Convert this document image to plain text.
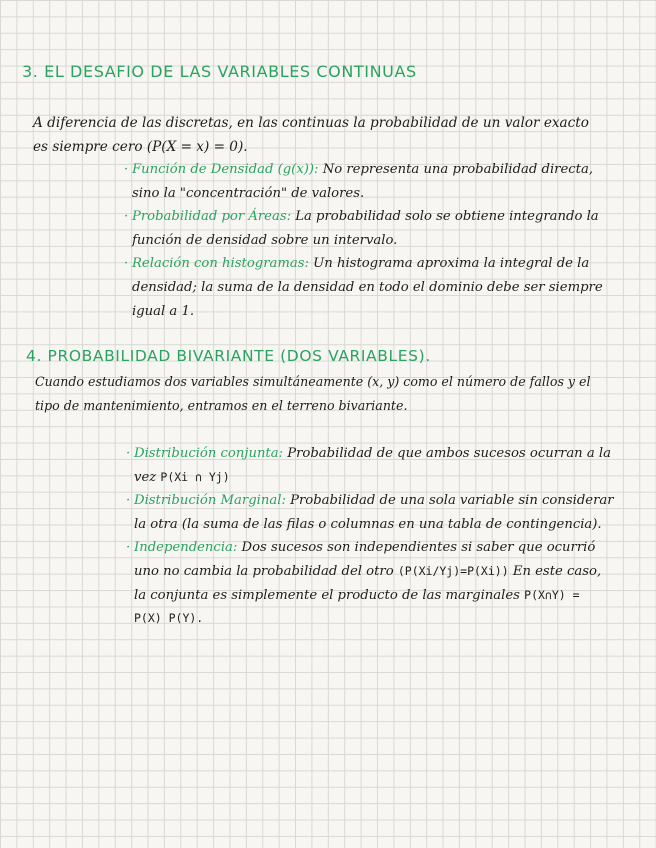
3. EL DESAFIO DE LAS VARIABLES CONTINUAS

A diferencia de las discretas, en las continuas la probabilidad de un valor exacto es siempre cero (P(X = x) = 0).

· Función de Densidad (g(x)): No representa una probabilidad directa, sino la "concentración" de valores.
· Probabilidad por Áreas: La probabilidad solo se obtiene integrando la función de densidad sobre un intervalo.
· Relación con histogramas: Un histograma aproxima la integral de la densidad; la suma de la densidad en todo el dominio debe ser siempre igual a 1.
4. PROBABILIDAD BIVARIANTE (DOS VARIABLES).

Cuando estudiamos dos variables simultáneamente (x, y) como el número de fallos y el tipo de mantenimiento, entramos en el terreno bivariante.

· Distribución conjunta: Probabilidad de que ambos sucesos ocurran a la vez P(Xi ∩ Yj)
· Distribución Marginal: Probabilidad de una sola variable sin considerar la otra (la suma de las filas o columnas en una tabla de contingencia).
· Independencia: Dos sucesos son independientes si saber que ocurrió uno no cambia la probabilidad del otro (P(Xi/Yj)=P(Xi)) En este caso, la conjunta es simplemente el producto de las marginales P(X∩Y) = P(X) P(Y).
